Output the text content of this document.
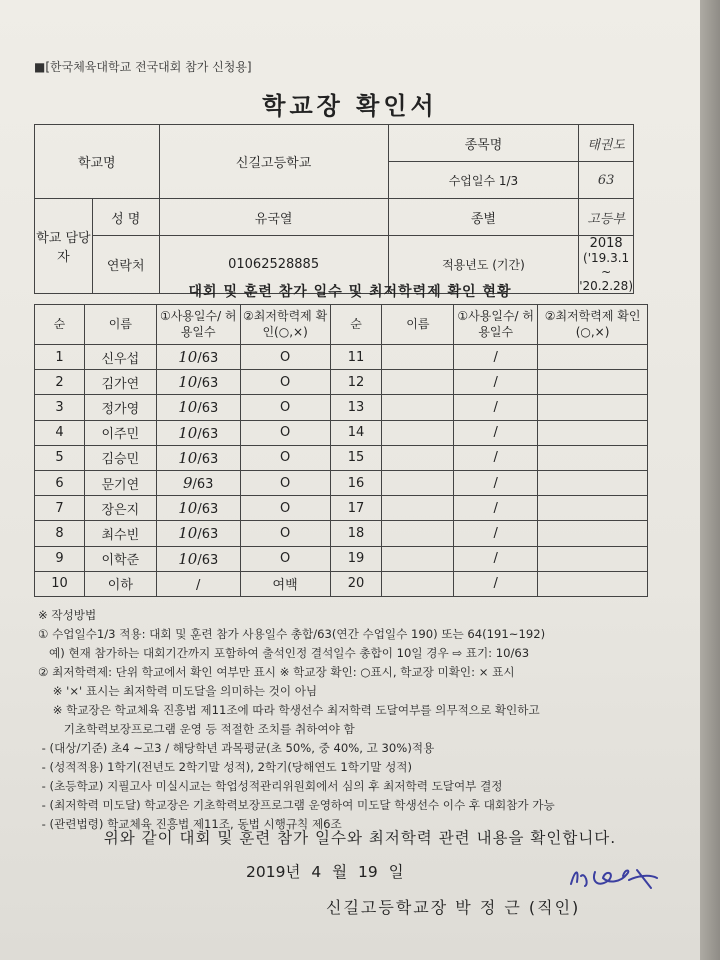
■[한국체육대학교 전국대회 참가 신청용]
학교장 확인서
학교명		신길고등학교	종목명	태권도
			수업일수 1/3	63
학교 담당자	성 명	유국열	종별	고등부
	연락처	01062528885	적용년도 (기간)	2018
('19.3.1 ~ '20.2.28)
대회 및 훈련 참가 일수 및 최저학력제 확인 현황
순	이름	①사용일수/ 허용일수	②최저학력제 확인(○,×)	순	이름	①사용일수/ 허용일수	②최저학력제 확인(○,×)
1	신우섭	10/63	O	11		/	
2	김가연	10/63	O	12		/	
3	정가영	10/63	O	13		/	
4	이주민	10/63	O	14		/	
5	김승민	10/63	O	15		/	
6	문기연	9/63	O	16		/	
7	장은지	10/63	O	17		/	
8	최수빈	10/63	O	18		/	
9	이학준	10/63	O	19		/	
10	이하	/	여백	20		/	
※ 작성방법
① 수업일수1/3 적용: 대회 및 훈련 참가 사용일수 총합/63(연간 수업일수 190) 또는 64(191~192)
예) 현재 참가하는 대회기간까지 포함하여 출석인정 결석일수 총합이 10일 경우 ⇨ 표기: 10/63
② 최저학력제: 단위 학교에서 확인 여부만 표시 ※ 학교장 확인: ○표시, 학교장 미확인: × 표시
※ '×' 표시는 최저학력 미도달을 의미하는 것이 아님
※ 학교장은 학교체육 진흥법 제11조에 따라 학생선수 최저학력 도달여부를 의무적으로 확인하고
기초학력보장프로그램 운영 등 적절한 조치를 취하여야 함
- (대상/기준) 초4 ~고3 / 해당학년 과목평균(초 50%, 중 40%, 고 30%)적용
- (성적적용) 1학기(전년도 2학기말 성적), 2학기(당해연도 1학기말 성적)
- (초등학교) 지필고사 미실시교는 학업성적관리위원회에서 심의 후 최저학력 도달여부 결정
- (최저학력 미도달) 학교장은 기초학력보장프로그램 운영하여 미도달 학생선수 이수 후 대회참가 가능
- (관련법령) 학교체육 진흥법 제11조, 동법 시행규칙 제6조
위와 같이 대회 및 훈련 참가 일수와 최저학력 관련 내용을 확인합니다.
2019년 4 월 19 일
신길고등학교장 박 정 근 (직인)
